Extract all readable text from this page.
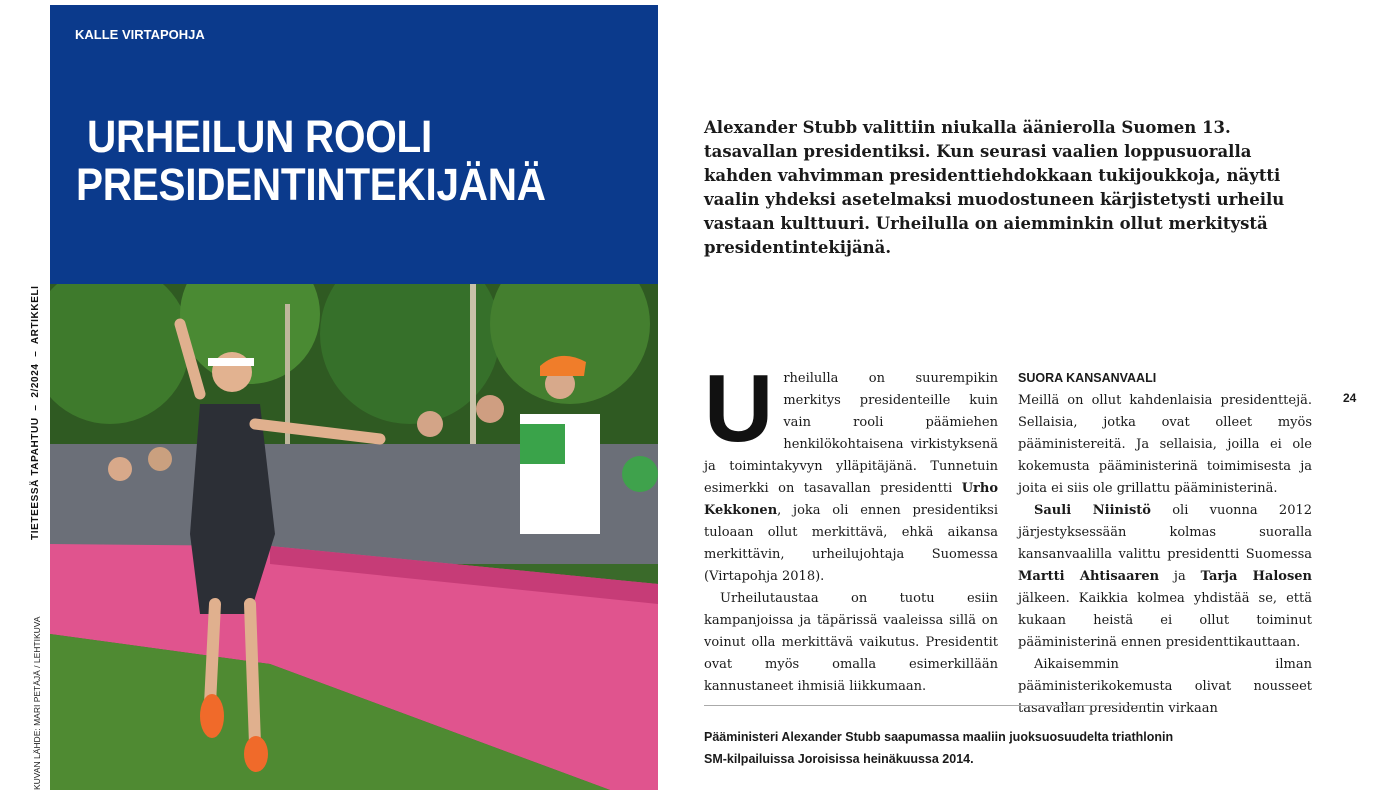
KALLE VIRTAPOHJA
URHEILUN ROOLI
PRESIDENTINTEKIJÄNÄ
TIETEESSÄ TAPAHTUU  –  2/2024  –  ARTIKKELI
KUVAN LÄHDE: MARI PETÄJÄ / LEHTIKUVA

Alexander Stubb valittiin niukalla äänierolla Suomen 13. tasavallan presidentiksi. Kun seurasi vaalien loppusuoralla kahden vahvimman presidenttiehdokkaan tukijoukkoja, näytti vaalin yhdeksi asetelmaksi muodostuneen kärjistetysti urheilu vastaan kulttuuri. Urheilulla on aiemminkin ollut merkitystä presidentintekijänä.

Urheilulla on suurempikin merkitys presidenteille kuin vain rooli päämiehen henkilökohtaisena virkistyksenä ja toimintakyvyn ylläpitäjänä. Tunnetuin esimerkki on tasavallan presidentti Urho Kekkonen, joka oli ennen presidentiksi tuloaan ollut merkittävä, ehkä aikansa merkittävin, urheilujohtaja Suomessa (Virtapohja 2018).

Urheilutaustaa on tuotu esiin kampanjoissa ja täpärissä vaaleissa sillä on voinut olla merkittävä vaikutus. Presidentit ovat myös omalla esimerkillään kannustaneet ihmisiä liikkumaan.

SUORA KANSANVAALI

Meillä on ollut kahdenlaisia presidenttejä. Sellaisia, jotka ovat olleet myös pääministereitä. Ja sellaisia, joilla ei ole kokemusta pääministerinä toimimisesta ja joita ei siis ole grillattu pääministerinä.

Sauli Niinistö oli vuonna 2012 järjestyksessään kolmas suoralla kansanvaalilla valittu presidentti Suomessa Martti Ahtisaaren ja Tarja Halosen jälkeen. Kaikkia kolmea yhdistää se, että kukaan heistä ei ollut toiminut pääministerinä ennen presidenttikauttaan.

Aikaisemmin ilman pääministerikokemusta olivat nousseet tasavallan presidentin virkaan

24

Pääministeri Alexander Stubb saapumassa maaliin juoksuosuudelta triathlonin SM-kilpailuissa Joroisissa heinäkuussa 2014.
